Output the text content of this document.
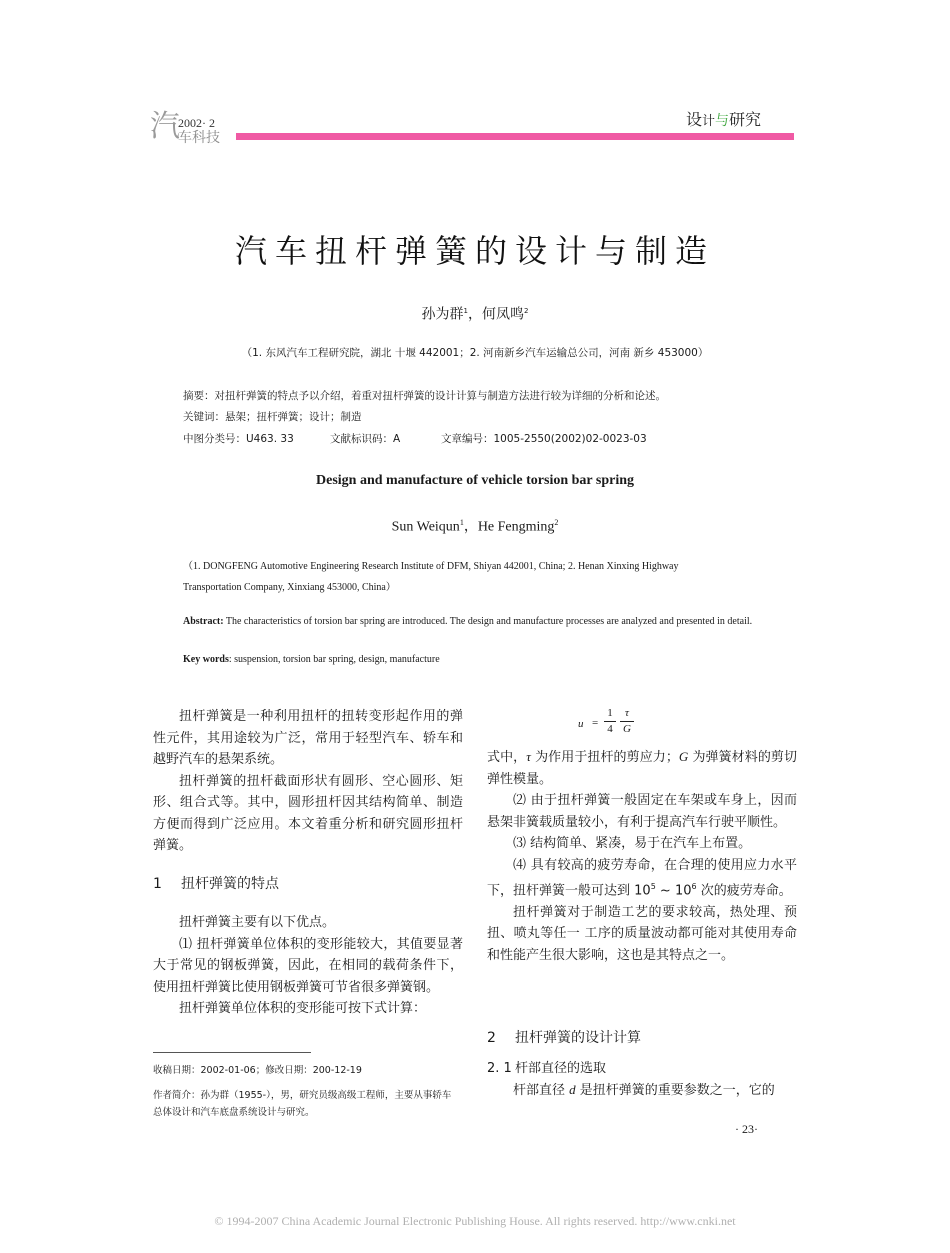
汽
2002· 2
车科技
设计与研究
汽车扭杆弹簧的设计与制造
孙为群$^1$，何凤鸣$^2$
（1. 东风汽车工程研究院，湖北 十堰 442001；2. 河南新乡汽车运输总公司，河南 新乡 453000）
摘要：对扭杆弹簧的特点予以介绍，着重对扭杆弹簧的设计计算与制造方法进行较为详细的分析和论述。
关键词：悬架；扭杆弹簧；设计；制造
中图分类号：U463. 33	文献标识码：A	文章编号：1005-2550(2002)02-0023-03
Design and manufacture of vehicle torsion bar spring
Sun Weiqun$^1$，He Fengming$^2$
（1. DONGFENG Automotive Engineering Research Institute of DFM, Shiyan 442001, China; 2. Henan Xinxing Highway
Transportation Company, Xinxiang 453000, China）
Abstract: The characteristics of torsion bar spring are introduced. The design and manufacture processes are analyzed and presented in detail.
Key words: suspension, torsion bar spring, design, manufacture

扭杆弹簧是一种利用扭杆的扭转变形起作用的弹性元件，其用途较为广泛，常用于轻型汽车、轿车和越野汽车的悬架系统。

扭杆弹簧的扭杆截面形状有圆形、空心圆形、矩形、组合式等。其中，圆形扭杆因其结构简单、制造方便而得到广泛应用。本文着重分析和研究圆形扭杆弹簧。

1 扭杆弹簧的特点

扭杆弹簧主要有以下优点。

⑴ 扭杆弹簧单位体积的变形能较大，其值要显著大于常见的钢板弹簧，因此，在相同的载荷条件下，使用扭杆弹簧比使用钢板弹簧可节省很多弹簧钢。

扭杆弹簧单位体积的变形能可按下式计算：

收稿日期：2002-01-06；修改日期：200-12-19
作者简介：孙为群（1955-），男，研究员级高级工程师，主要从事轿车
总体设计和汽车底盘系统设计与研究。
u =
1
4
τ
G

式中，τ 为作用于扭杆的剪应力；G 为弹簧材料的剪切弹性模量。

⑵ 由于扭杆弹簧一般固定在车架或车身上，因而悬架非簧载质量较小，有利于提高汽车行驶平顺性。

⑶ 结构简单、紧凑，易于在汽车上布置。

⑷ 具有较高的疲劳寿命，在合理的使用应力水平下，扭杆弹簧一般可达到 $10^5$ ~ $10^6$ 次的疲劳寿命。

扭杆弹簧对于制造工艺的要求较高，热处理、预扭、喷丸等任一 工序的质量波动都可能对其使用寿命和性能产生很大影响，这也是其特点之一。

2 扭杆弹簧的设计计算
2. 1 杆部直径的选取

杆部直径 d 是扭杆弹簧的重要参数之一，它的

· 23·
© 1994-2007 China Academic Journal Electronic Publishing House. All rights reserved. http://www.cnki.net
